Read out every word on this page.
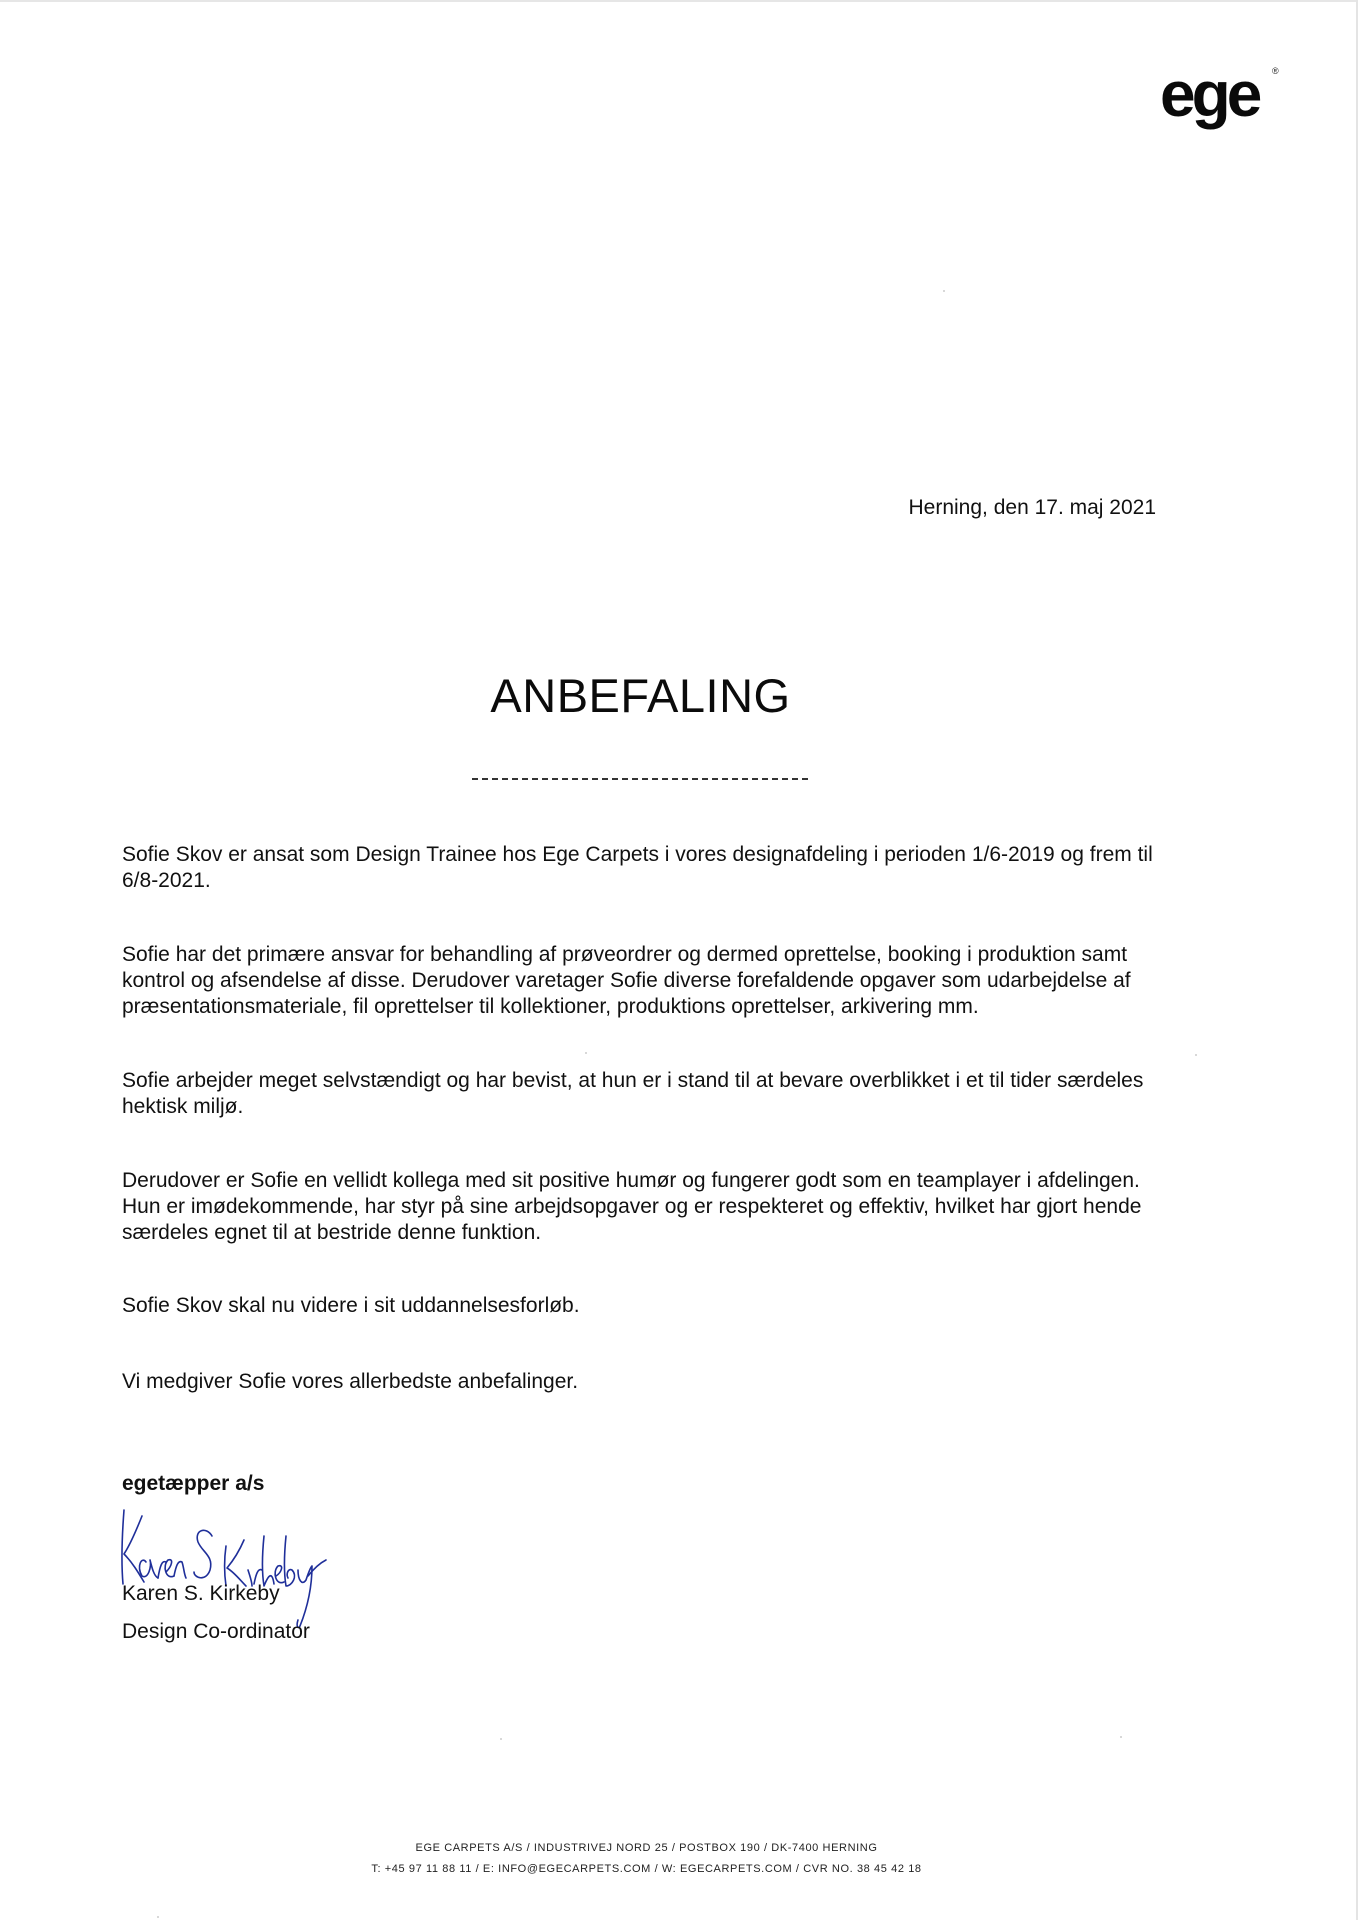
ege ®
Herning, den 17. maj 2021
ANBEFALING

Sofie Skov er ansat som Design Trainee hos Ege Carpets i vores designafdeling i perioden 1/6-2019 og frem til 6/8-2021.

Sofie har det primære ansvar for behandling af prøveordrer og dermed oprettelse, booking i produktion samt kontrol og afsendelse af disse. Derudover varetager Sofie diverse forefaldende opgaver som udarbejdelse af præsentationsmateriale, fil oprettelser til kollektioner, produktions oprettelser, arkivering mm.

Sofie arbejder meget selvstændigt og har bevist, at hun er i stand til at bevare overblikket i et til tider særdeles hektisk miljø.

Derudover er Sofie en vellidt kollega med sit positive humør og fungerer godt som en teamplayer i afdelingen. Hun er imødekommende, har styr på sine arbejdsopgaver og er respekteret og effektiv, hvilket har gjort hende særdeles egnet til at bestride denne funktion.

Sofie Skov skal nu videre i sit uddannelsesforløb.

Vi medgiver Sofie vores allerbedste anbefalinger.

egetæpper a/s
Karen S. Kirkeby
Design Co-ordinator
EGE CARPETS A/S / INDUSTRIVEJ NORD 25 / POSTBOX 190 / DK-7400 HERNING
T: +45 97 11 88 11 / E: INFO@EGECARPETS.COM / W: EGECARPETS.COM / CVR NO. 38 45 42 18
